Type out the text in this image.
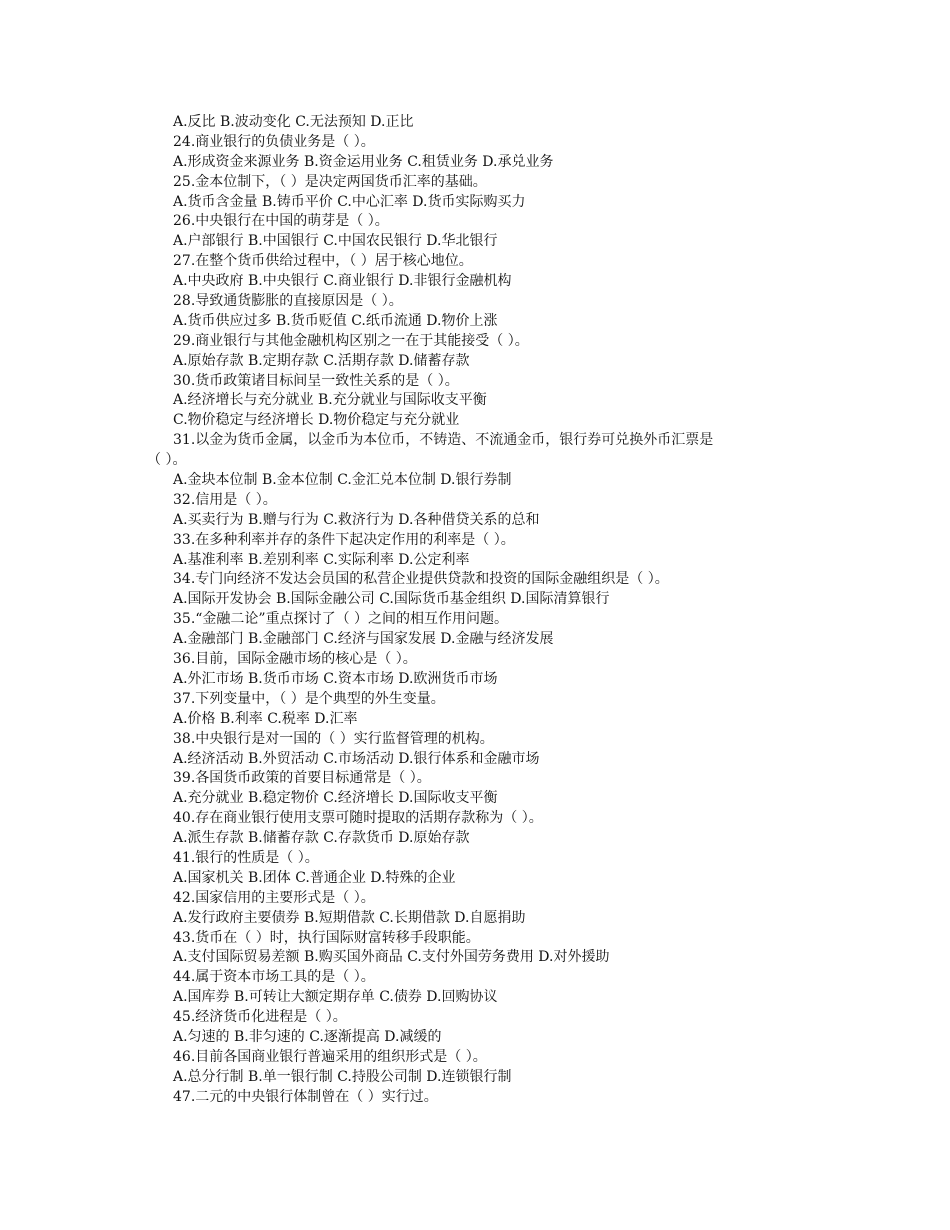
A.反比 B.波动变化 C.无法预知 D.正比
24.商业银行的负债业务是（ ）。
A.形成资金来源业务 B.资金运用业务 C.租赁业务 D.承兑业务
25.金本位制下，（ ）是决定两国货币汇率的基础。
A.货币含金量 B.铸币平价 C.中心汇率 D.货币实际购买力
26.中央银行在中国的萌芽是（ ）。
A.户部银行 B.中国银行 C.中国农民银行 D.华北银行
27.在整个货币供给过程中，（ ）居于核心地位。
A.中央政府 B.中央银行 C.商业银行 D.非银行金融机构
28.导致通货膨胀的直接原因是（ ）。
A.货币供应过多 B.货币贬值 C.纸币流通 D.物价上涨
29.商业银行与其他金融机构区别之一在于其能接受（ ）。
A.原始存款 B.定期存款 C.活期存款 D.储蓄存款
30.货币政策诸目标间呈一致性关系的是（ ）。
A.经济增长与充分就业 B.充分就业与国际收支平衡
C.物价稳定与经济增长 D.物价稳定与充分就业
31.以金为货币金属，以金币为本位币，不铸造、不流通金币，银行券可兑换外币汇票是
（ ）。
A.金块本位制 B.金本位制 C.金汇兑本位制 D.银行券制
32.信用是（ ）。
A.买卖行为 B.赠与行为 C.救济行为 D.各种借贷关系的总和
33.在多种利率并存的条件下起决定作用的利率是（ ）。
A.基准利率 B.差别利率 C.实际利率 D.公定利率
34.专门向经济不发达会员国的私营企业提供贷款和投资的国际金融组织是（ ）。
A.国际开发协会 B.国际金融公司 C.国际货币基金组织 D.国际清算银行
35.“金融二论”重点探讨了（ ）之间的相互作用问题。
A.金融部门 B.金融部门 C.经济与国家发展 D.金融与经济发展
36.目前，国际金融市场的核心是（ ）。
A.外汇市场 B.货币市场 C.资本市场 D.欧洲货币市场
37.下列变量中，（ ）是个典型的外生变量。
A.价格 B.利率 C.税率 D.汇率
38.中央银行是对一国的（ ）实行监督管理的机构。
A.经济活动 B.外贸活动 C.市场活动 D.银行体系和金融市场
39.各国货币政策的首要目标通常是（ ）。
A.充分就业 B.稳定物价 C.经济增长 D.国际收支平衡
40.存在商业银行使用支票可随时提取的活期存款称为（ ）。
A.派生存款 B.储蓄存款 C.存款货币 D.原始存款
41.银行的性质是（ ）。
A.国家机关 B.团体 C.普通企业 D.特殊的企业
42.国家信用的主要形式是（ ）。
A.发行政府主要债券 B.短期借款 C.长期借款 D.自愿捐助
43.货币在（ ）时，执行国际财富转移手段职能。
A.支付国际贸易差额 B.购买国外商品 C.支付外国劳务费用 D.对外援助
44.属于资本市场工具的是（ ）。
A.国库券 B.可转让大额定期存单 C.债券 D.回购协议
45.经济货币化进程是（ ）。
A.匀速的 B.非匀速的 C.逐渐提高 D.减缓的
46.目前各国商业银行普遍采用的组织形式是（ ）。
A.总分行制 B.单一银行制 C.持股公司制 D.连锁银行制
47.二元的中央银行体制曾在（ ）实行过。
